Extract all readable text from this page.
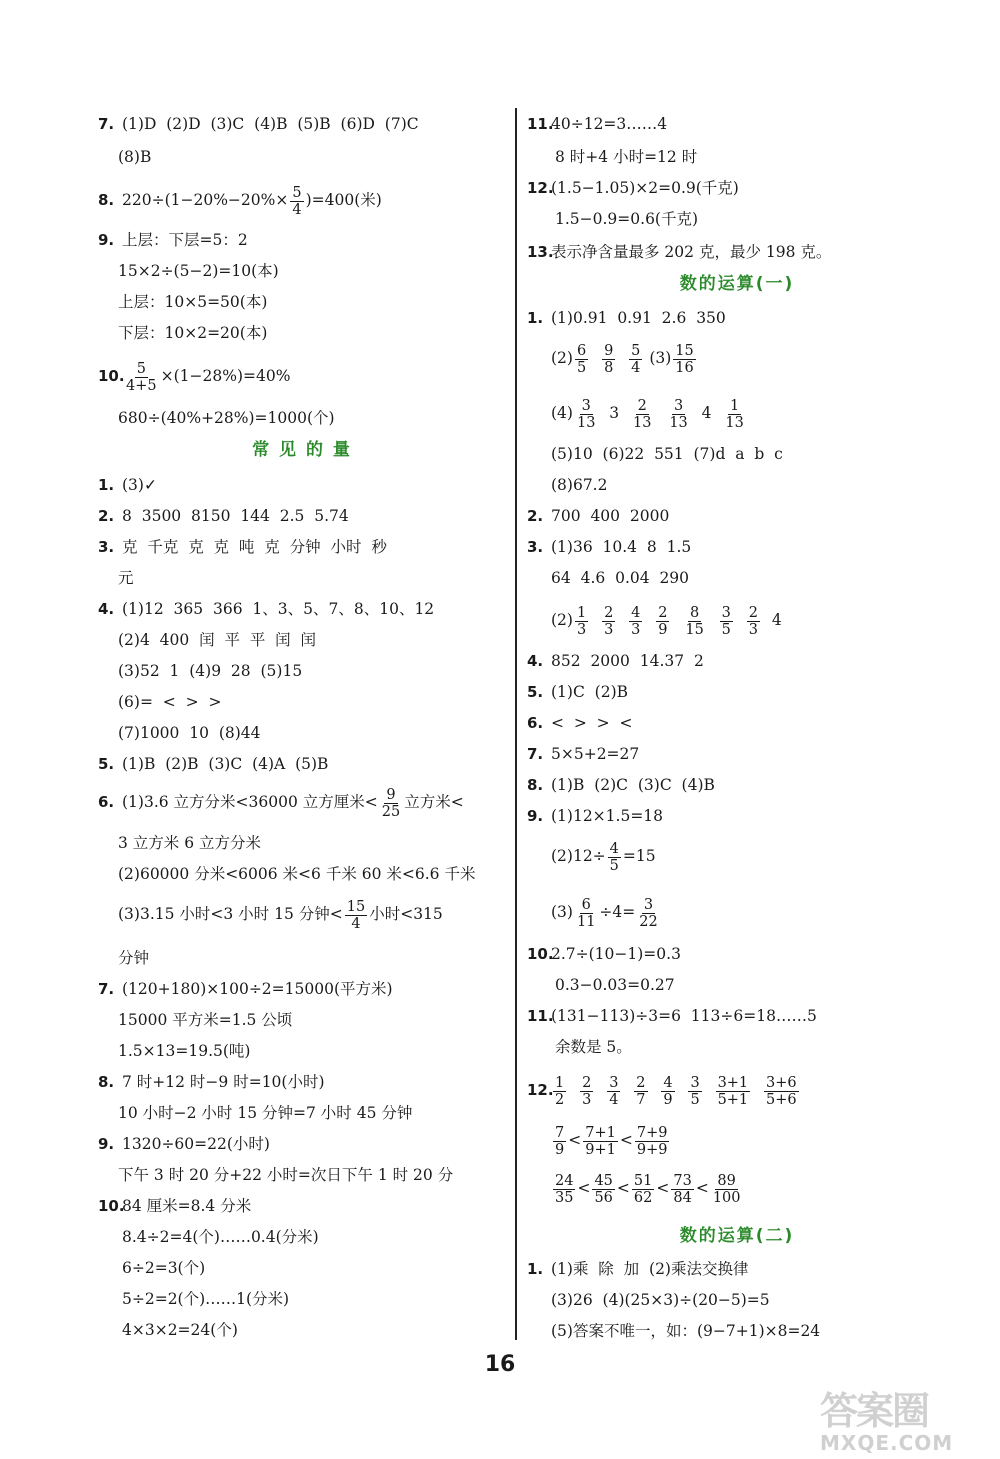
7. (1)D  (2)D  (3)C  (4)B  (5)B  (6)D  (7)C
(8)B
8. $220\div(1-20\%-20\%\times \frac{5}{4} )=400$(米)
9. 上层：下层=5：2
15×2÷(5−2)=10(本)
上层：10×5=50(本)
下层：10×2=20(本)
10. $\frac{5}{4+5} \times(1-28\%)=40\%$
680÷(40%+28%)=1000(个)
常 见 的 量
1. (3)✓
2. 8  3500  8150  144  2.5  5.74
3. 克  千克  克  克  吨  克  分钟  小时  秒
元
4. (1)12  365  366  1、3、5、7、8、10、12
(2)4  400  闰  平  平  闰  闰
(3)52  1  (4)9  28  (5)15
(6)=  <  >  >
(7)1000  10  (8)44
5. (1)B  (2)B  (3)C  (4)A  (5)B
6. (1)3.6 立方分米<36000 立方厘米< $\frac{9}{25}$ 立方米<
3 立方米 6 立方分米
(2)60000 分米<6006 米<6 千米 60 米<6.6 千米
(3)3.15 小时<3 小时 15 分钟< $\frac{15}{4}$ 小时<315
分钟
7. (120+180)×100÷2=15000(平方米)
15000 平方米=1.5 公顷
1.5×13=19.5(吨)
8. 7 时+12 时−9 时=10(小时)
10 小时−2 小时 15 分钟=7 小时 45 分钟
9. 1320÷60=22(小时)
下午 3 时 20 分+22 小时=次日下午 1 时 20 分
10.84 厘米=8.4 分米
8.4÷2=4(个)……0.4(分米)
6÷2=3(个)
5÷2=2(个)……1(分米)
4×3×2=24(个)
11.40÷12=3……4
8 时+4 小时=12 时
12.(1.5−1.05)×2=0.9(千克)
1.5−0.9=0.6(千克)
13.表示净含量最多 202 克，最少 198 克。
数的运算(一)
1. (1)0.91  0.91  2.6  350
$(2) \frac{6}{5}$
$\frac{9}{8}$
$\frac{5}{4} (3) \frac{15}{16}$
$(4) \frac{3}{13} 3 \frac{2}{13}$
$\frac{3}{13} 4 \frac{1}{13}$
(5)10  (6)22  551  (7)d  a  b  c
(8)67.2
2. 700  400  2000
3. (1)36  10.4  8  1.5
64  4.6  0.04  290
$(2) \frac{1}{3}$
$\frac{2}{3}$
$\frac{4}{3}$
$\frac{2}{9}$
$\frac{8}{15}$
$\frac{3}{5}$
$\frac{2}{3} 4$
4. 852  2000  14.37  2
5. (1)C  (2)B
6. <  >  >  <
7. 5×5+2=27
8. (1)B  (2)C  (3)C  (4)B
9. (1)12×1.5=18
$(2)12\div \frac{4}{5} =15$
$(3) \frac{6}{11} \div 4= \frac{3}{22}$
10.2.7÷(10−1)=0.3
0.3−0.03=0.27
11.(131−113)÷3=6  113÷6=18……5
余数是 5。
12. $\frac{1}{2}$
$\frac{2}{3}$
$\frac{3}{4}$
$\frac{2}{7}$
$\frac{4}{9}$
$\frac{3}{5}$
$\frac{3+1}{5+1}$
$\frac{3+6}{5+6}$
$\frac{7}{9} < \frac{7+1}{9+1} < \frac{7+9}{9+9}$
$\frac{24}{35} < \frac{45}{56} < \frac{51}{62} < \frac{73}{84} < \frac{89}{100}$
数的运算(二)
1. (1)乘  除  加  (2)乘法交换律
(3)26  (4)(25×3)÷(20−5)=5
(5)答案不唯一，如：(9−7+1)×8=24
16
答案圈
MXQE.COM
